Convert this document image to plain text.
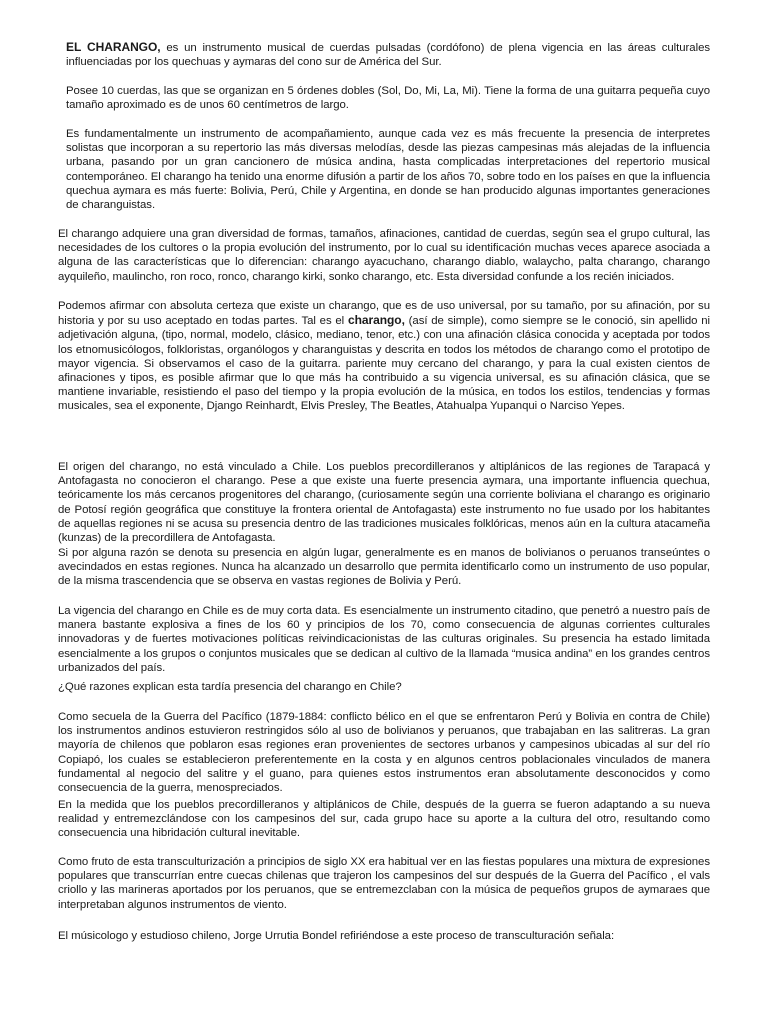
EL CHARANGO, es un instrumento musical de cuerdas pulsadas (cordófono) de plena vigencia en las áreas culturales influenciadas por los quechuas y aymaras del cono sur de América del Sur.

Posee 10 cuerdas, las que se organizan en 5 órdenes dobles (Sol, Do, Mi, La, Mi). Tiene la forma de una guitarra pequeña cuyo tamaño aproximado es de unos 60 centímetros de largo.

Es fundamentalmente un instrumento de acompañamiento, aunque cada vez es más frecuente la presencia de interpretes solistas que incorporan a su repertorio las más diversas melodías, desde las piezas campesinas más alejadas de la influencia urbana, pasando por un gran cancionero de música andina, hasta complicadas interpretaciones del repertorio musical contemporáneo. El charango ha tenido una enorme difusión a partir de los años 70, sobre todo en los países en que la influencia quechua aymara es más fuerte: Bolivia, Perú, Chile y Argentina, en donde se han producido algunas importantes generaciones de charanguistas.

El charango adquiere una gran diversidad de formas, tamaños, afinaciones, cantidad de cuerdas, según sea el grupo cultural, las necesidades de los cultores o la propia evolución del instrumento, por lo cual su identificación muchas veces aparece asociada a alguna de las características que lo diferencian: charango ayacuchano, charango diablo, walaycho, palta charango, charango ayquileño, maulincho, ron roco, ronco, charango kirki, sonko charango, etc. Esta diversidad confunde a los recién iniciados.

Podemos afirmar con absoluta certeza que existe un charango, que es de uso universal, por su tamaño, por su afinación, por su historia y por su uso aceptado en todas partes. Tal es el charango, (así de simple), como siempre se le conoció, sin apellido ni adjetivación alguna, (tipo, normal, modelo, clásico, mediano, tenor, etc.) con una afinación clásica conocida y aceptada por todos los etnomusicólogos, folkloristas, organólogos y charanguistas y descrita en todos los métodos de charango como el prototipo de mayor vigencia. Si observamos el caso de la guitarra. pariente muy cercano del charango, y para la cual existen cientos de afinaciones y tipos, es posible afirmar que lo que más ha contribuido a su vigencia universal, es su afinación clásica, que se mantiene invariable, resistiendo el paso del tiempo y la propia evolución de la música, en todos los estilos, tendencias y formas musicales, sea el exponente, Django Reinhardt, Elvis Presley, The Beatles, Atahualpa Yupanqui o Narciso Yepes.

El origen del charango, no está vinculado a Chile. Los pueblos precordilleranos y altiplánicos de las regiones de Tarapacá y Antofagasta no conocieron el charango. Pese a que existe una fuerte presencia aymara, una importante influencia quechua, teóricamente los más cercanos progenitores del charango, (curiosamente según una corriente boliviana el charango es originario de Potosí región geográfica que constituye la frontera oriental de Antofagasta) este instrumento no fue usado por los habitantes de aquellas regiones ni se acusa su presencia dentro de las tradiciones musicales folklóricas, menos aún en la cultura atacameña (kunzas) de la precordillera de Antofagasta.

Si por alguna razón se denota su presencia en algún lugar, generalmente es en manos de bolivianos o peruanos transeúntes o avecindados en estas regiones. Nunca ha alcanzado un desarrollo que permita identificarlo como un instrumento de uso popular, de la misma trascendencia que se observa en vastas regiones de Bolivia y Perú.

La vigencia del charango en Chile es de muy corta data. Es esencialmente un instrumento citadino, que penetró a nuestro país de manera bastante explosiva a fines de los 60 y principios de los 70, como consecuencia de algunas corrientes culturales innovadoras y de fuertes motivaciones políticas reivindicacionistas de las culturas originales. Su presencia ha estado limitada esencialmente a los grupos o conjuntos musicales que se dedican al cultivo de la llamada “musica andina” en los grandes centros urbanizados del país.

¿Qué razones explican esta tardía presencia del charango en Chile?

Como secuela de la Guerra del Pacífico (1879-1884: conflicto bélico en el que se enfrentaron Perú y Bolivia en contra de Chile) los instrumentos andinos estuvieron restringidos sólo al uso de bolivianos y peruanos, que trabajaban en las salitreras. La gran mayoría de chilenos que poblaron esas regiones eran provenientes de sectores urbanos y campesinos ubicadas al sur del río Copiapó, los cuales se establecieron preferentemente en la costa y en algunos centros poblacionales vinculados de manera fundamental al negocio del salitre y el guano, para quienes estos instrumentos eran absolutamente desconocidos y como consecuencia de la guerra, menospreciados.

En la medida que los pueblos precordilleranos y altiplánicos de Chile, después de la guerra se fueron adaptando a su nueva realidad y entremezclándose con los campesinos del sur, cada grupo hace su aporte a la cultura del otro, resultando como consecuencia una hibridación cultural inevitable.

Como fruto de esta transculturización a principios de siglo XX era habitual ver en las fiestas populares una mixtura de expresiones populares que transcurrían entre cuecas chilenas que trajeron los campesinos del sur después de la Guerra del Pacífico , el vals criollo y las marineras aportados por los peruanos, que se entremezclaban con la música de pequeños grupos de aymaraes que interpretaban algunos instrumentos de viento.

El músicologo y estudioso chileno, Jorge Urrutia Bondel refiriéndose a este proceso de transculturación señala:
